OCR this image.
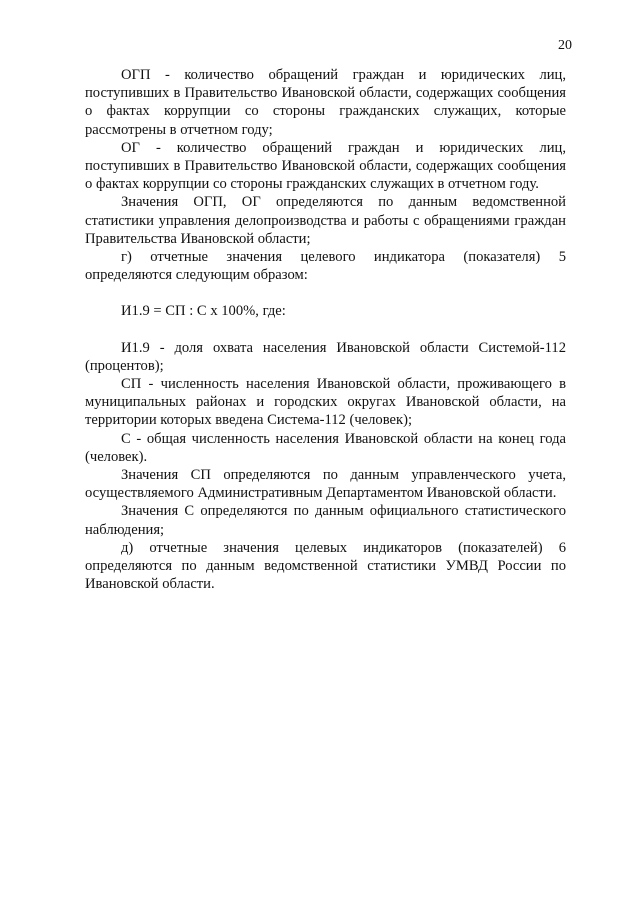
20

ОГП - количество обращений граждан и юридических лиц, поступивших в Правительство Ивановской области, содержащих сообщения о фактах коррупции со стороны гражданских служащих, которые рассмотрены в отчетном году;

ОГ - количество обращений граждан и юридических лиц, поступивших в Правительство Ивановской области, содержащих сообщения о фактах коррупции со стороны гражданских служащих в отчетном году.

Значения ОГП, ОГ определяются по данным ведомственной статистики управления делопроизводства и работы с обращениями граждан Правительства Ивановской области;

г) отчетные значения целевого индикатора (показателя) 5 определяются следующим образом:

И1.9 = СП : С x 100%, где:

И1.9 - доля охвата населения Ивановской области Системой-112 (процентов);

СП - численность населения Ивановской области, проживающего в муниципальных районах и городских округах Ивановской области, на территории которых введена Система-112 (человек);

С - общая численность населения Ивановской области на конец года (человек).

Значения СП определяются по данным управленческого учета, осуществляемого Административным Департаментом Ивановской области.

Значения С определяются по данным официального статистического наблюдения;

д) отчетные значения целевых индикаторов (показателей) 6 определяются по данным ведомственной статистики УМВД России по Ивановской области.
